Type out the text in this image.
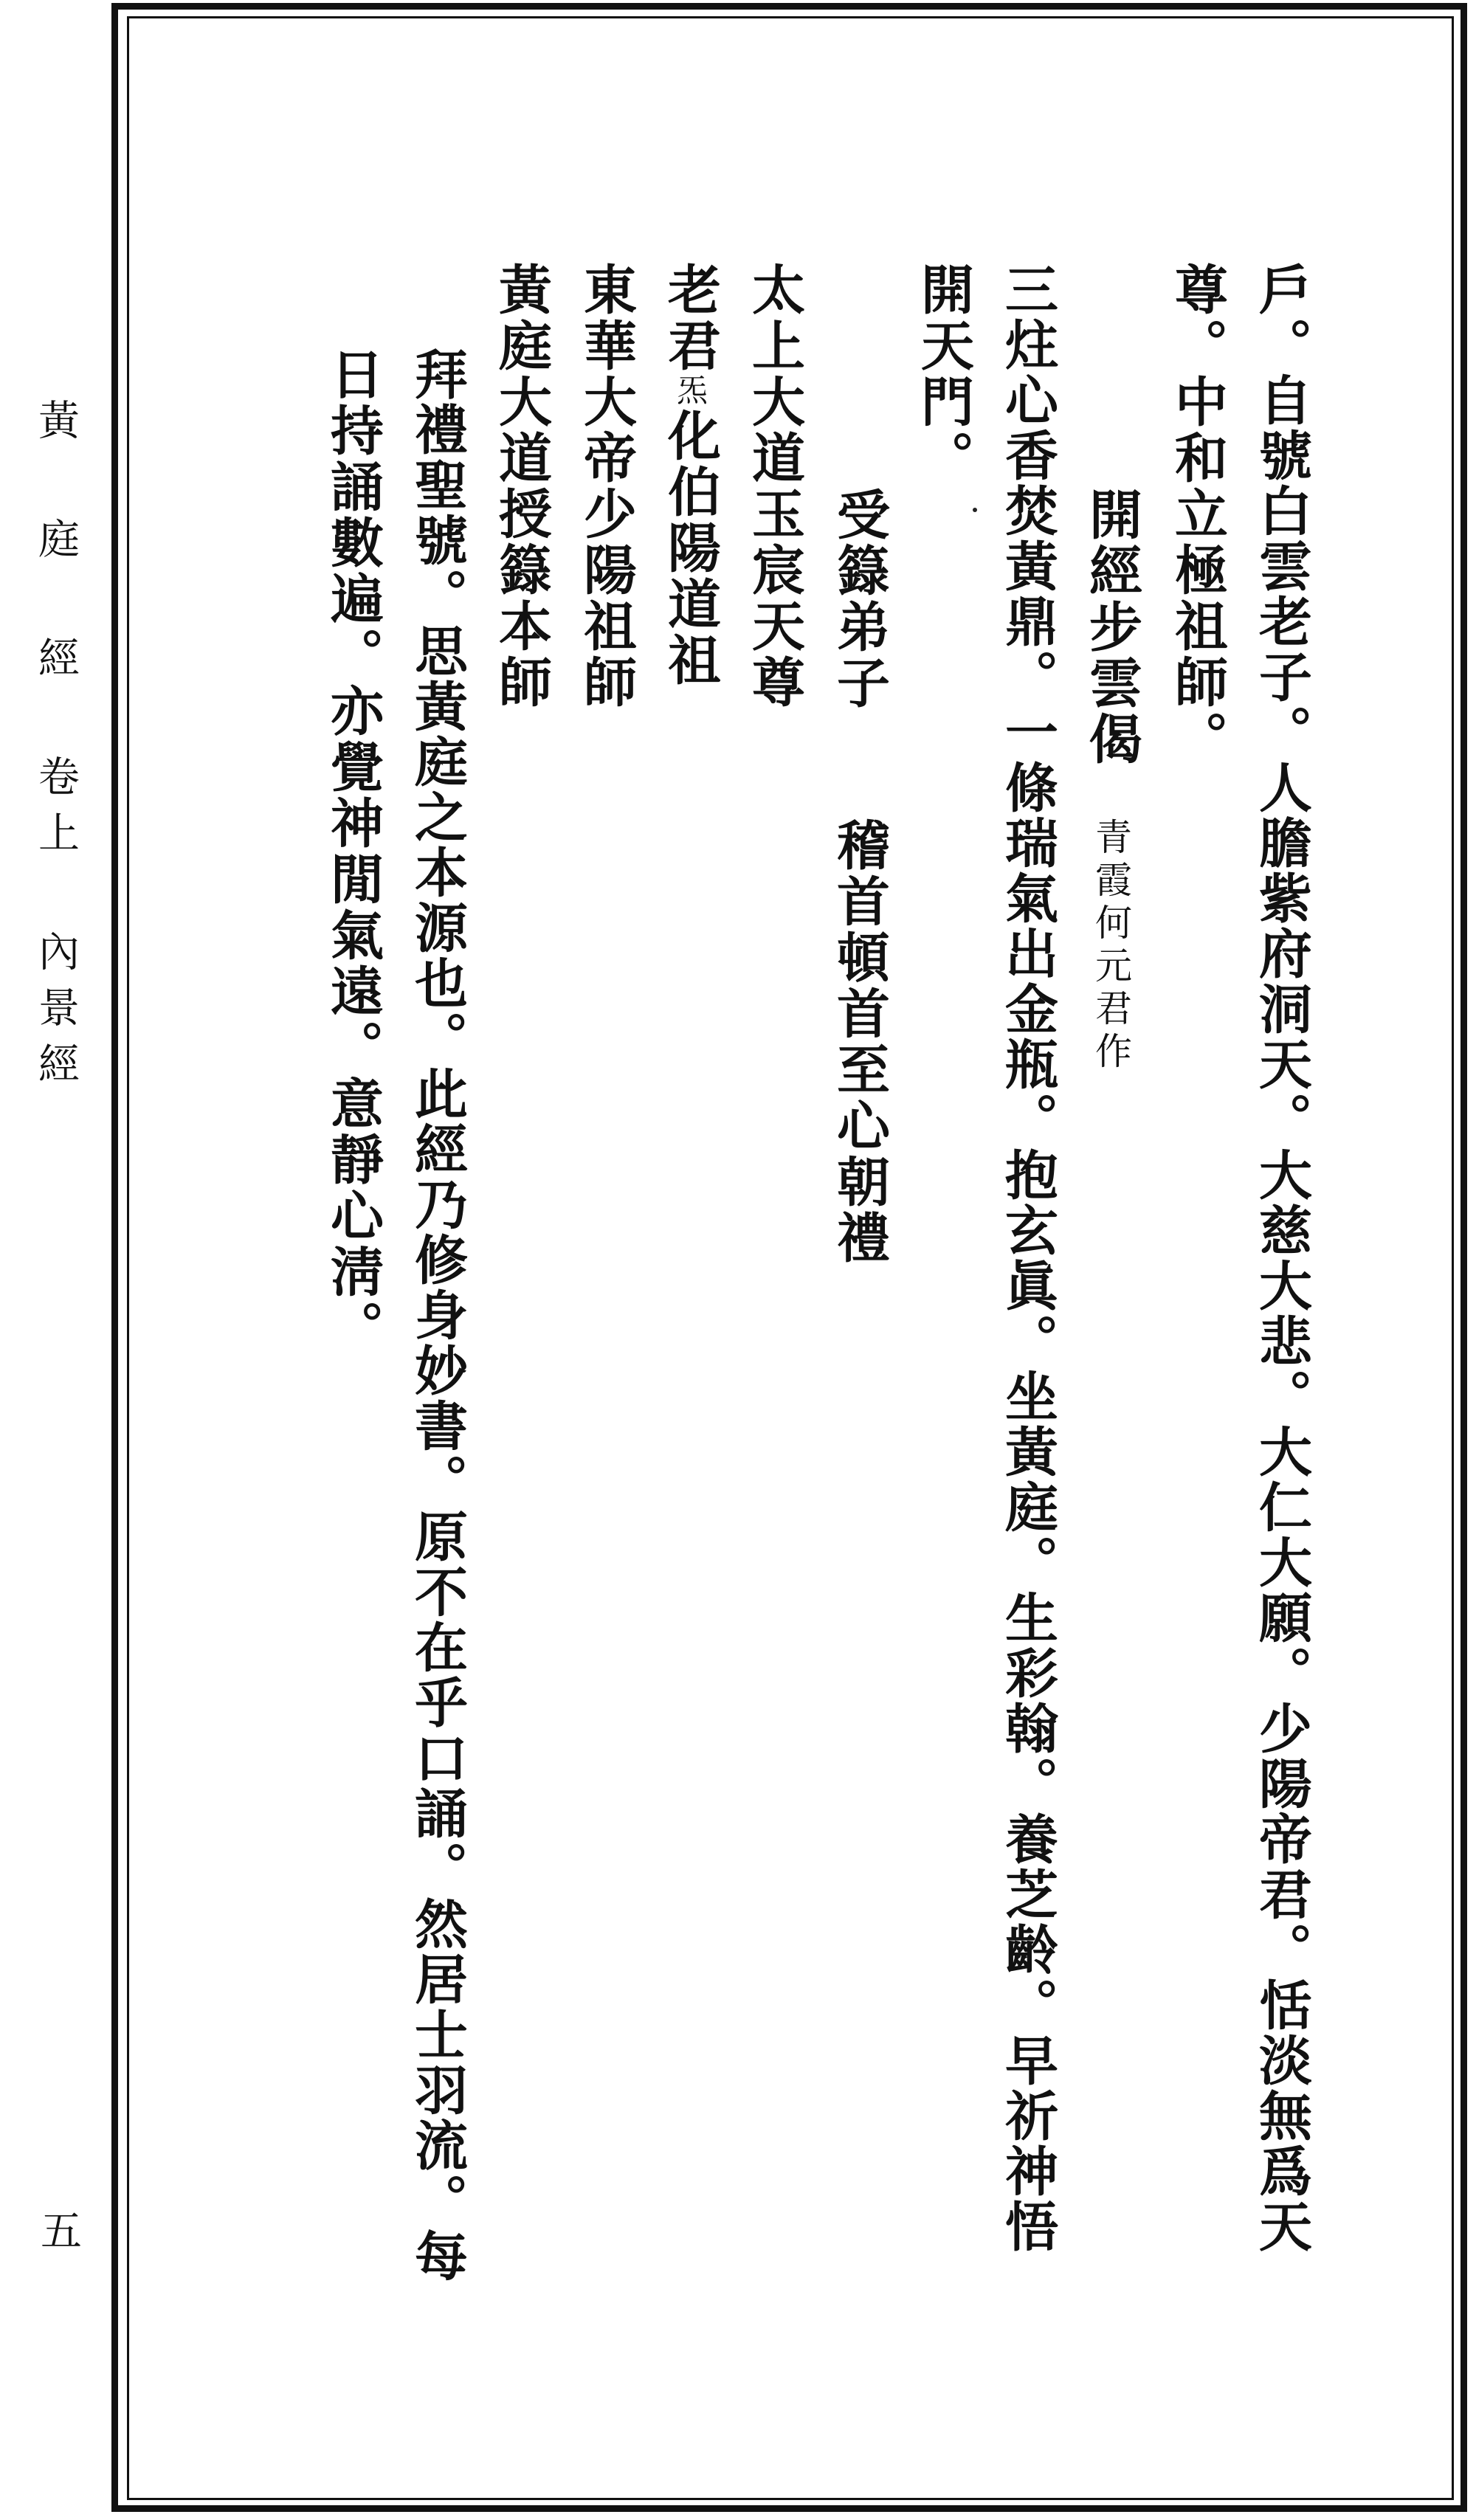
黃 庭 經 卷上 內景經
五	戶。自號白雲老子。人膽紫府洞天。大慈大悲。大仁大願。少陽帝君。恬淡無爲天
尊。中和立極祖師。
開經步雲偈
青霞何元君作
三炷心香焚黃鼎。一條瑞氣出金瓶。抱玄眞。坐黃庭。生彩翰。養芝齡。早祈神悟
開天門。
受籙弟子
稽首頓首至心朝禮
太上大道玉宸天尊
老君炁化伯陽道祖
東華大帝少陽祖師
黃庭大道授籙本師
拜禮聖號。思黃庭之本源也。此經乃修身妙書。原不在乎口誦。然居士羽流。每
日持誦數遍。亦覺神閒氣遠。意靜心淸。
